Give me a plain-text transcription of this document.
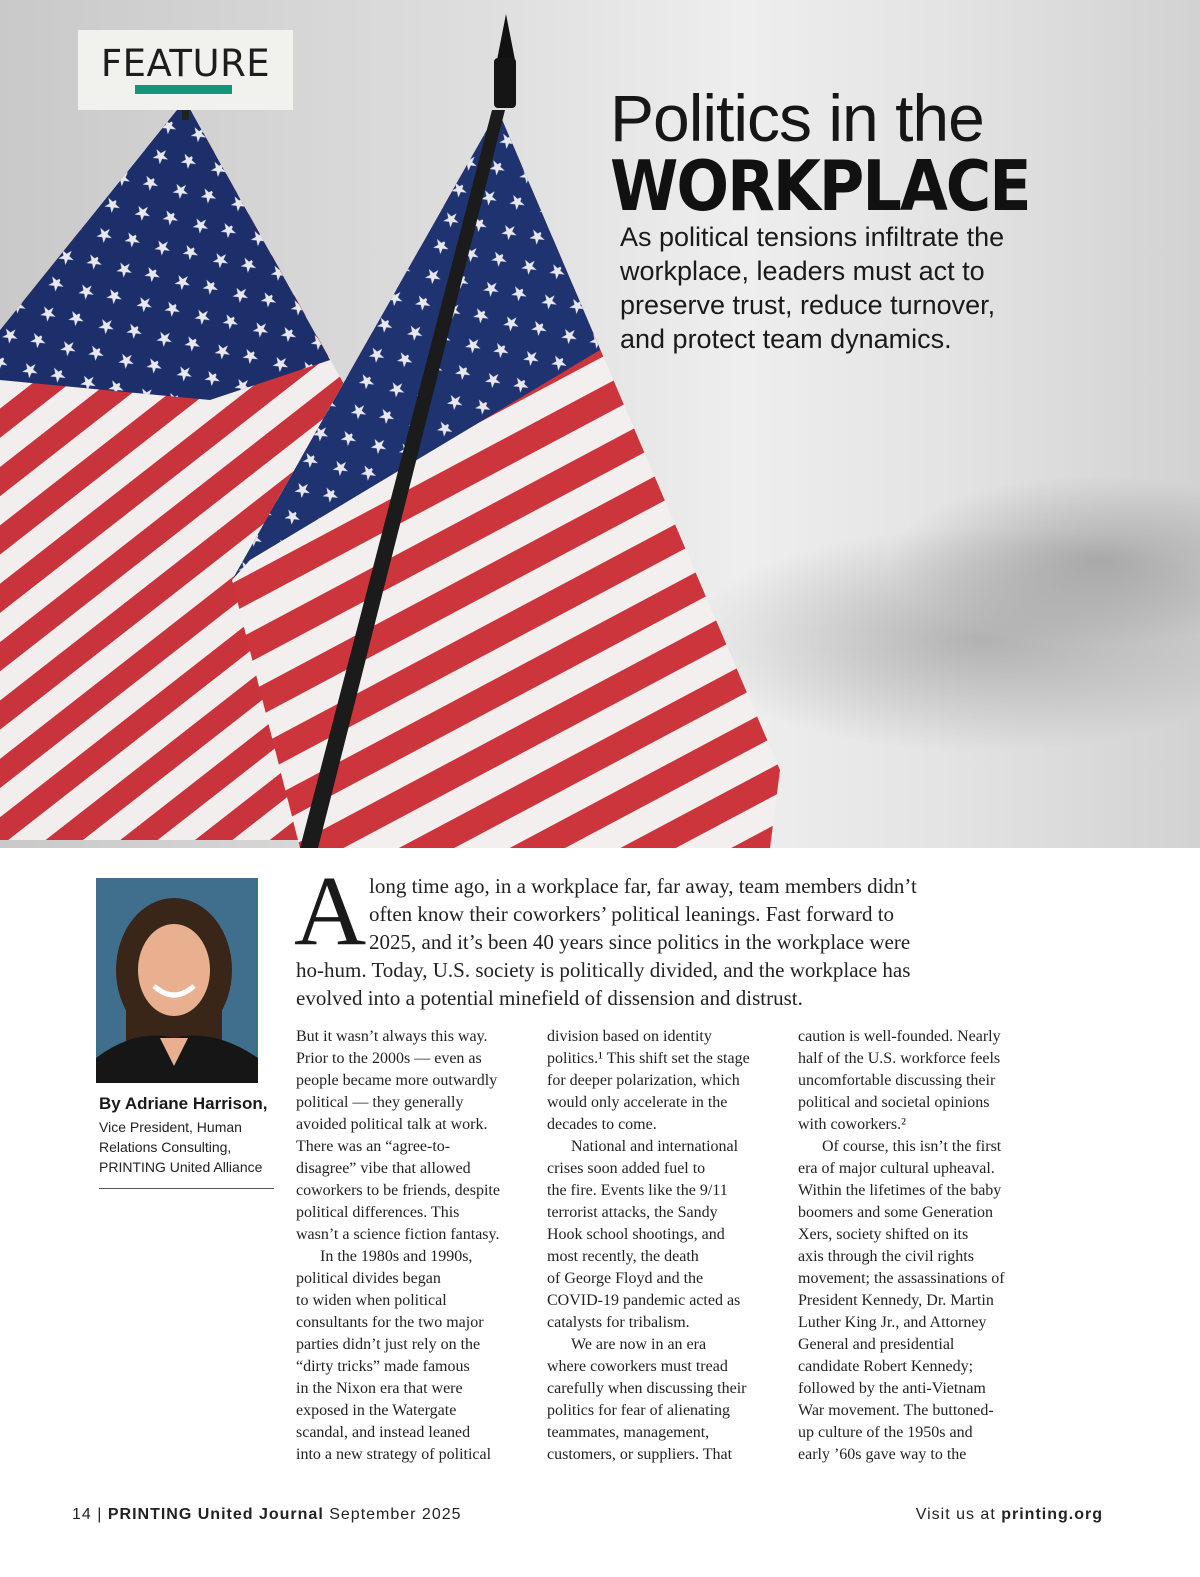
FEATURE
Politics in the
WORKPLACE
As political tensions infiltrate the
workplace, leaders must act to
preserve trust, reduce turnover,
and protect team dynamics.
By Adriane Harrison,
Vice President, Human
Relations Consulting,
PRINTING United Alliance
A long time ago, in a workplace far, far away, team members didn’t
often know their coworkers’ political leanings. Fast forward to
2025, and it’s been 40 years since politics in the workplace were
ho-hum. Today, U.S. society is politically divided, and the workplace has
evolved into a potential minefield of dissension and distrust.
But it wasn’t always this way.
Prior to the 2000s — even as
people became more outwardly
political — they generally
avoided political talk at work.
There was an “agree-to-
disagree” vibe that allowed
coworkers to be friends, despite
political differences. This
wasn’t a science fiction fantasy.
In the 1980s and 1990s,
political divides began
to widen when political
consultants for the two major
parties didn’t just rely on the
“dirty tricks” made famous
in the Nixon era that were
exposed in the Watergate
scandal, and instead leaned
into a new strategy of political
division based on identity
politics.¹ This shift set the stage
for deeper polarization, which
would only accelerate in the
decades to come.
National and international
crises soon added fuel to
the fire. Events like the 9/11
terrorist attacks, the Sandy
Hook school shootings, and
most recently, the death
of George Floyd and the
COVID-19 pandemic acted as
catalysts for tribalism.
We are now in an era
where coworkers must tread
carefully when discussing their
politics for fear of alienating
teammates, management,
customers, or suppliers. That
caution is well-founded. Nearly
half of the U.S. workforce feels
uncomfortable discussing their
political and societal opinions
with coworkers.²
Of course, this isn’t the first
era of major cultural upheaval.
Within the lifetimes of the baby
boomers and some Generation
Xers, society shifted on its
axis through the civil rights
movement; the assassinations of
President Kennedy, Dr. Martin
Luther King Jr., and Attorney
General and presidential
candidate Robert Kennedy;
followed by the anti-Vietnam
War movement. The buttoned-
up culture of the 1950s and
early ’60s gave way to the
14 | PRINTING United Journal September 2025	Visit us at printing.org
